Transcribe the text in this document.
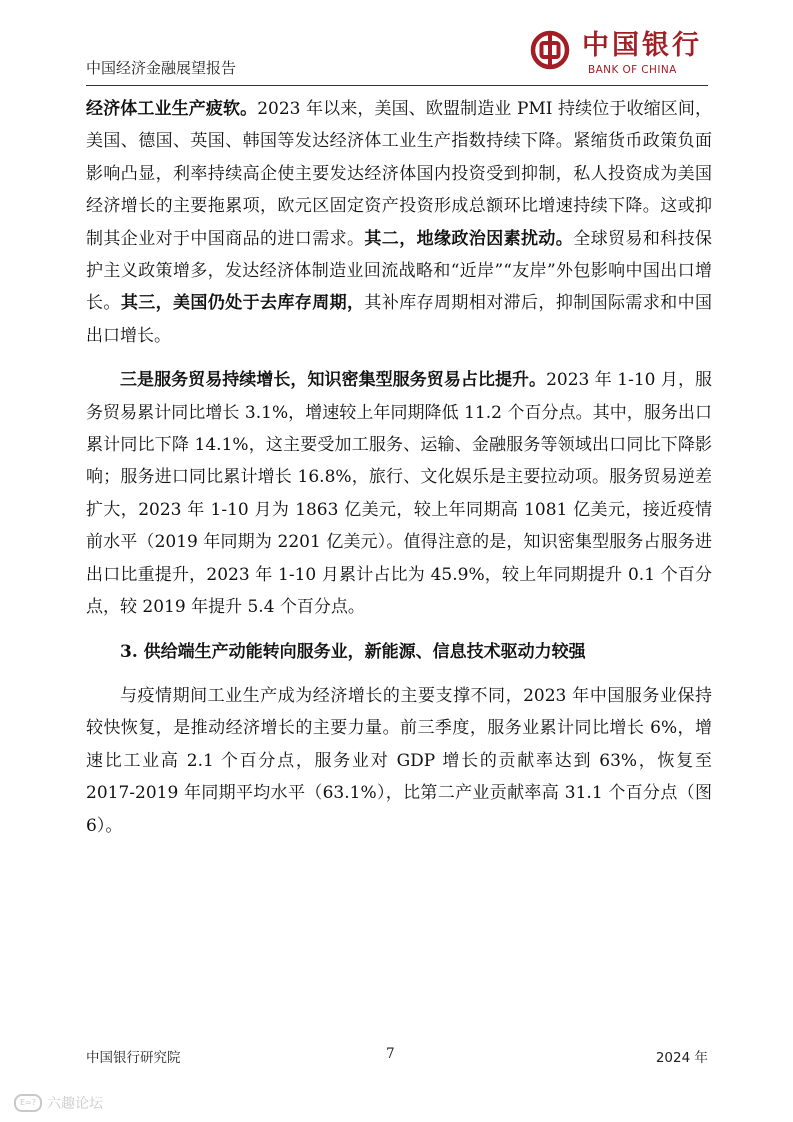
中国经济金融展望报告
中国银行
BANK OF CHINA

经济体工业生产疲软。2023 年以来，美国、欧盟制造业 PMI 持续位于收缩区间，美国、德国、英国、韩国等发达经济体工业生产指数持续下降。紧缩货币政策负面影响凸显，利率持续高企使主要发达经济体国内投资受到抑制，私人投资成为美国经济增长的主要拖累项，欧元区固定资产投资形成总额环比增速持续下降。这或抑制其企业对于中国商品的进口需求。其二，地缘政治因素扰动。全球贸易和科技保护主义政策增多，发达经济体制造业回流战略和“近岸”“友岸”外包影响中国出口增长。其三，美国仍处于去库存周期，其补库存周期相对滞后，抑制国际需求和中国出口增长。

三是服务贸易持续增长，知识密集型服务贸易占比提升。2023 年 1-10 月，服务贸易累计同比增长 3.1%，增速较上年同期降低 11.2 个百分点。其中，服务出口累计同比下降 14.1%，这主要受加工服务、运输、金融服务等领域出口同比下降影响；服务进口同比累计增长 16.8%，旅行、文化娱乐是主要拉动项。服务贸易逆差扩大，2023 年 1-10 月为 1863 亿美元，较上年同期高 1081 亿美元，接近疫情前水平（2019 年同期为 2201 亿美元）。值得注意的是，知识密集型服务占服务进出口比重提升，2023 年 1-10 月累计占比为 45.9%，较上年同期提升 0.1 个百分点，较 2019 年提升 5.4 个百分点。

3. 供给端生产动能转向服务业，新能源、信息技术驱动力较强

与疫情期间工业生产成为经济增长的主要支撑不同，2023 年中国服务业保持较快恢复，是推动经济增长的主要力量。前三季度，服务业累计同比增长 6%，增速比工业高 2.1 个百分点，服务业对 GDP 增长的贡献率达到 63%，恢复至 2017-2019 年同期平均水平（63.1%），比第二产业贡献率高 31.1 个百分点（图6）。

中国银行研究院	7	2024 年
E=? 六趣论坛
